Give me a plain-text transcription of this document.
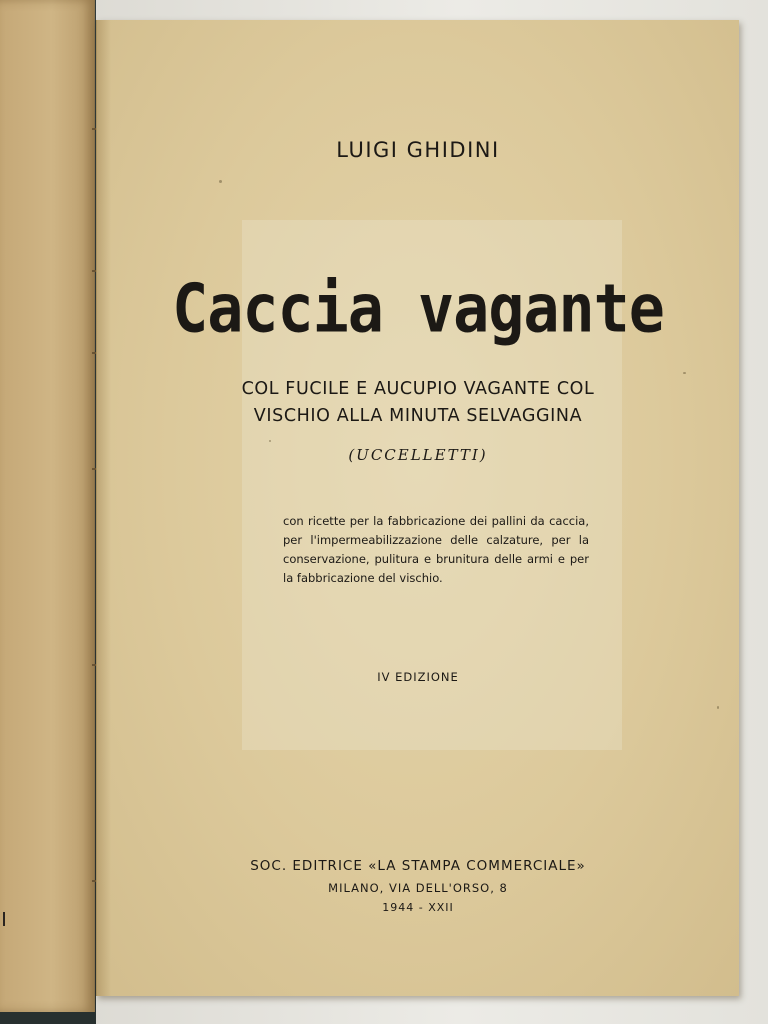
LUIGI GHIDINI
Caccia vagante
COL FUCILE E AUCUPIO VAGANTE COL
VISCHIO ALLA MINUTA SELVAGGINA
(UCCELLETTI)
con ricette per la fabbricazione dei pallini da caccia, per l'impermeabilizzazione delle calzature, per la conservazione, pulitura e brunitura delle armi e per la fabbricazione del vischio.
IV EDIZIONE
SOC. EDITRICE «LA STAMPA COMMERCIALE»
MILANO, VIA DELL'ORSO, 8
1944 - XXII
